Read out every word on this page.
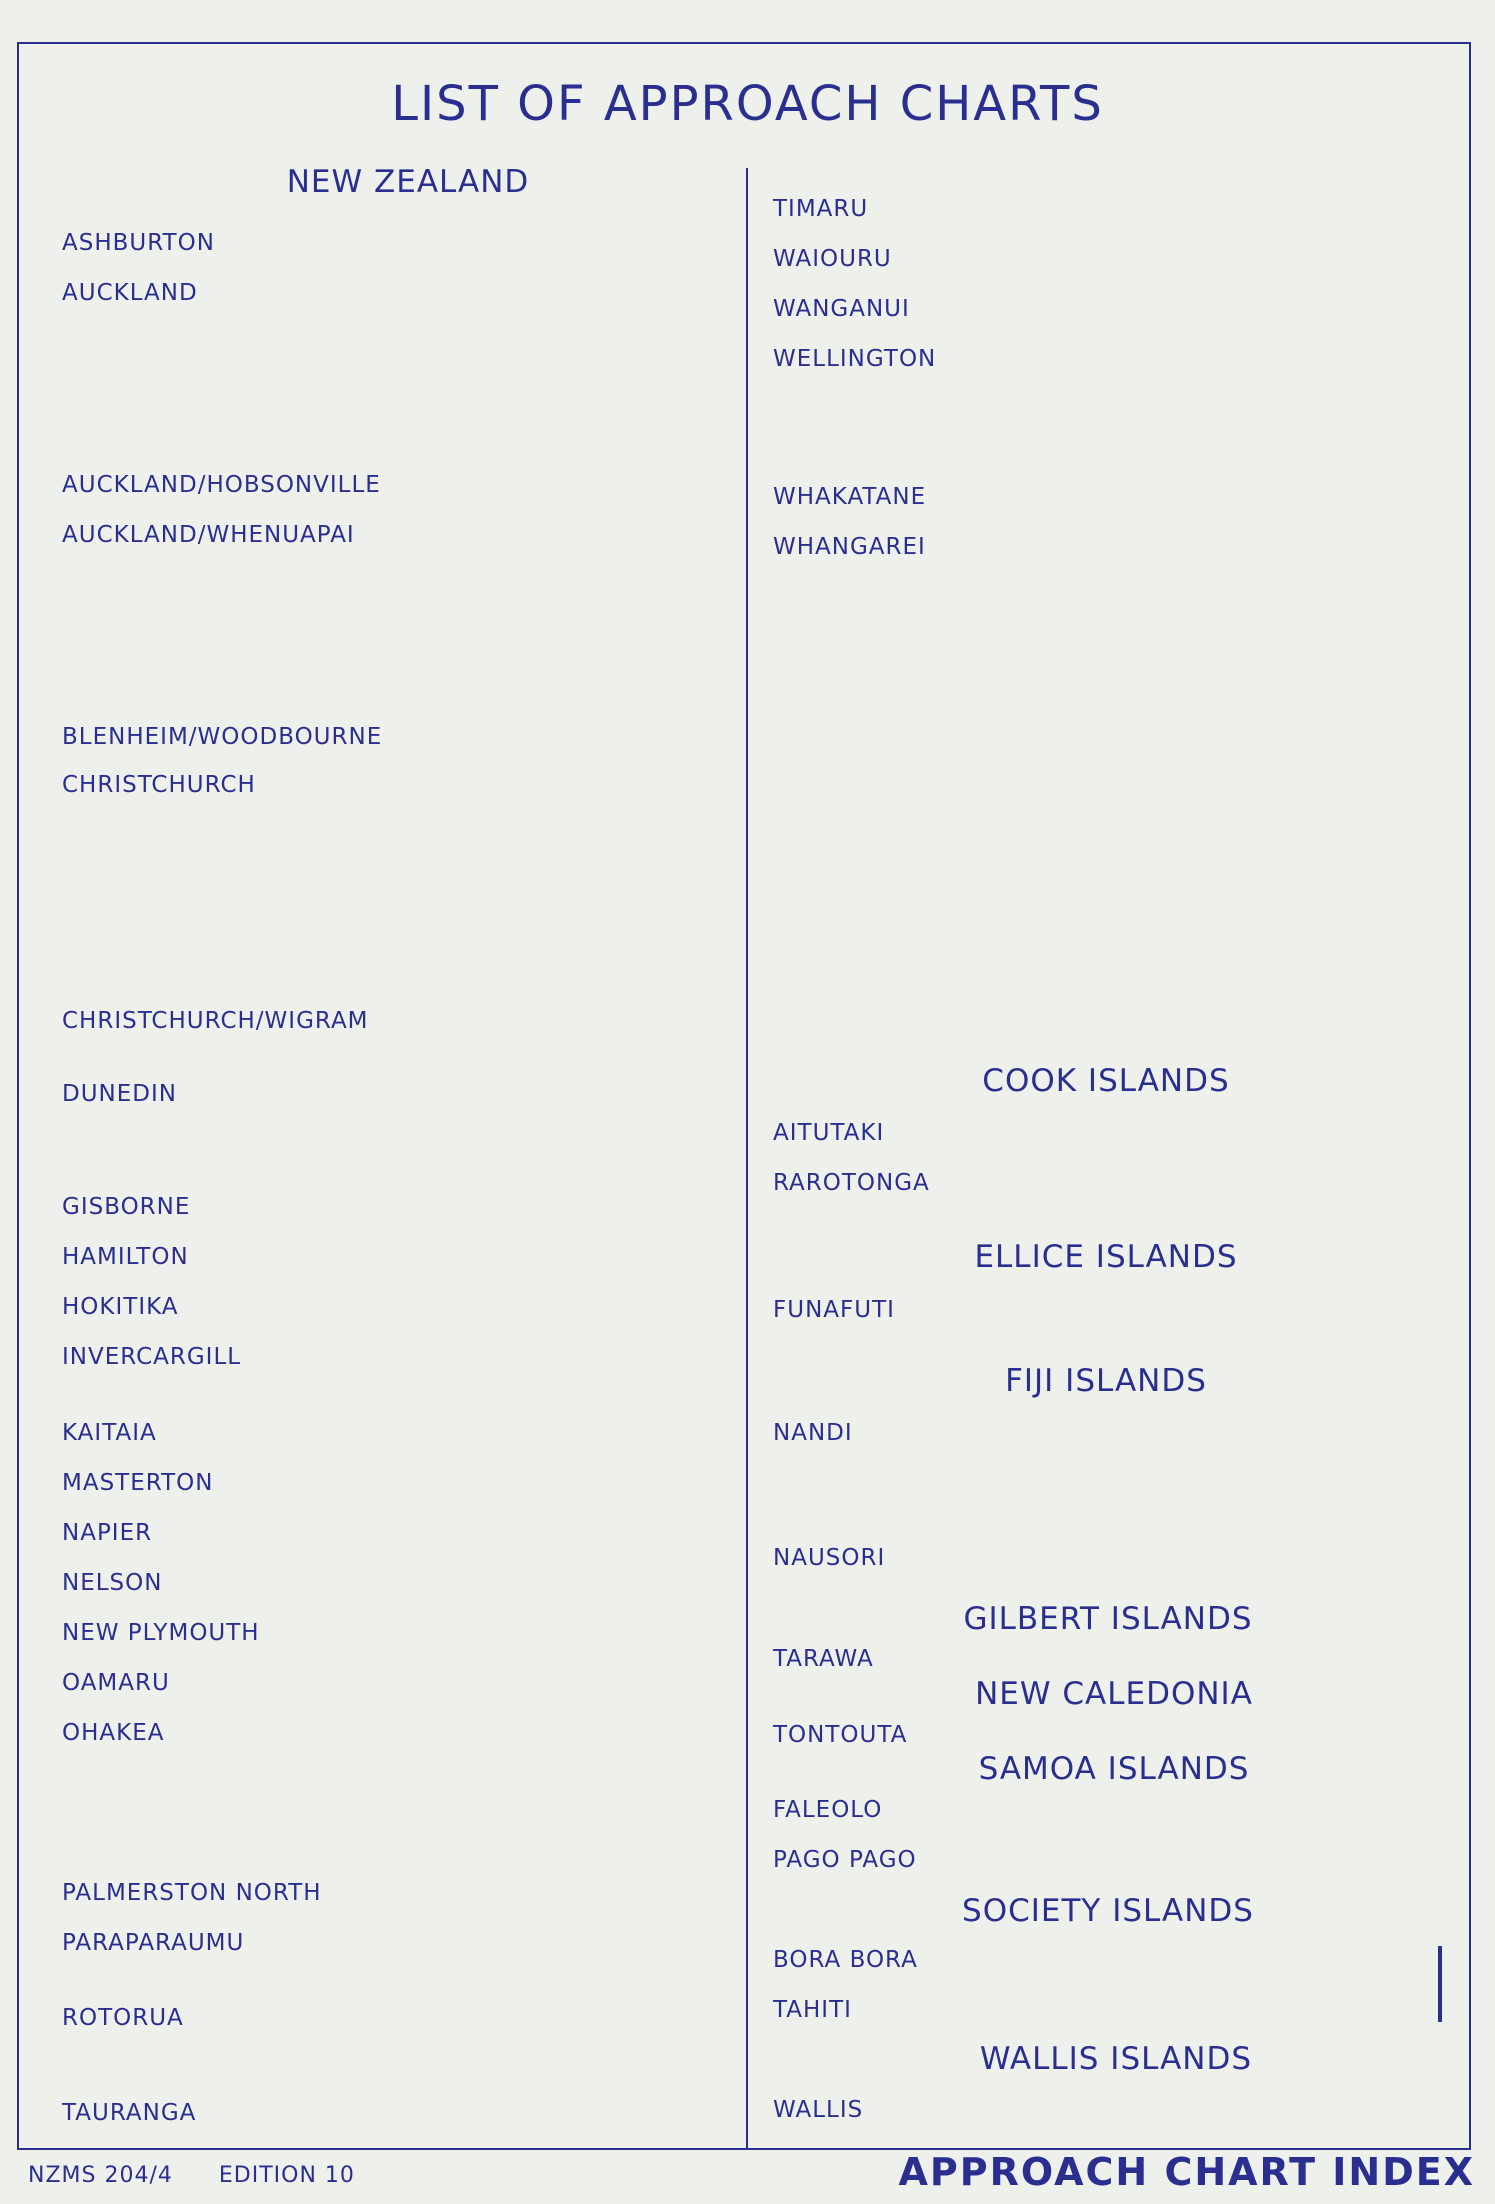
LIST OF APPROACH CHARTS
NEW ZEALAND
ASHBURTON
AUCKLAND
AUCKLAND/HOBSONVILLE
AUCKLAND/WHENUAPAI
BLENHEIM/WOODBOURNE
CHRISTCHURCH
CHRISTCHURCH/WIGRAM
DUNEDIN
GISBORNE
HAMILTON
HOKITIKA
INVERCARGILL
KAITAIA
MASTERTON
NAPIER
NELSON
NEW PLYMOUTH
OAMARU
OHAKEA
PALMERSTON NORTH
PARAPARAUMU
ROTORUA
TAURANGA
TIMARU
WAIOURU
WANGANUI
WELLINGTON
WHAKATANE
WHANGAREI
COOK ISLANDS
AITUTAKI
RAROTONGA
ELLICE ISLANDS
FUNAFUTI
FIJI ISLANDS
NANDI
NAUSORI
GILBERT ISLANDS
TARAWA
NEW CALEDONIA
TONTOUTA
SAMOA ISLANDS
FALEOLO
PAGO PAGO
SOCIETY ISLANDS
BORA BORA
TAHITI
WALLIS ISLANDS
WALLIS
NZMS 204/4 EDITION 10	APPROACH CHART INDEX
